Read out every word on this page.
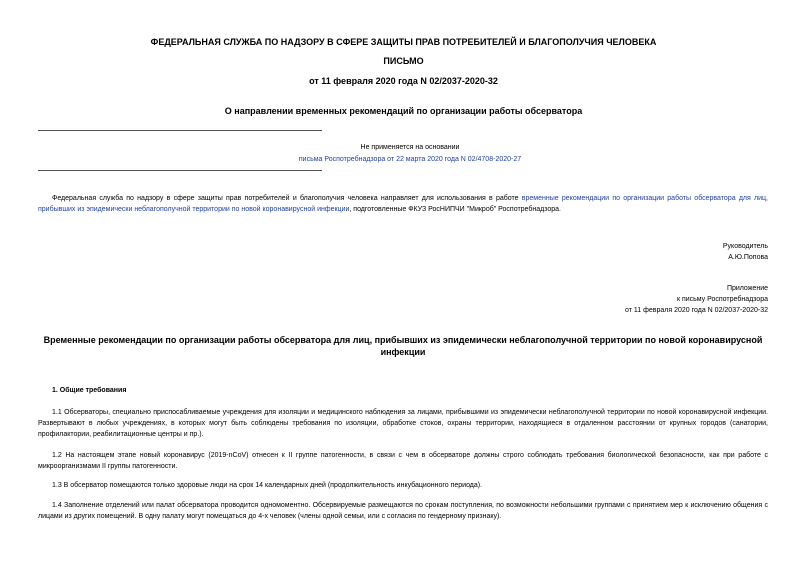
ФЕДЕРАЛЬНАЯ СЛУЖБА ПО НАДЗОРУ В СФЕРЕ ЗАЩИТЫ ПРАВ ПОТРЕБИТЕЛЕЙ И БЛАГОПОЛУЧИЯ ЧЕЛОВЕКА
ПИСЬМО
от 11 февраля 2020 года N 02/2037-2020-32
О направлении временных рекомендаций по организации работы обсерватора
Не применяется на основании
письма Роспотребнадзора от 22 марта 2020 года N 02/4708-2020-27
Федеральная служба по надзору в сфере защиты прав потребителей и благополучия человека направляет для использования в работе временные рекомендации по организации работы обсерватора для лиц, прибывших из эпидемически неблагополучной территории по новой коронавирусной инфекции, подготовленные ФКУЗ РосНИПЧИ "Микроб" Роспотребнадзора.
Руководитель
А.Ю.Попова
Приложение
к письму Роспотребнадзора
от 11 февраля 2020 года N 02/2037-2020-32
Временные рекомендации по организации работы обсерватора для лиц, прибывших из эпидемически неблагополучной территории по новой коронавирусной инфекции
1. Общие требования
1.1 Обсерваторы, специально приспосабливаемые учреждения для изоляции и медицинского наблюдения за лицами, прибывшими из эпидемически неблагополучной территории по новой коронавирусной инфекции. Развертывают в любых учреждениях, в которых могут быть соблюдены требования по изоляции, обработке стоков, охраны территории, находящиеся в отдаленном расстоянии от крупных городов (санатории, профилактории, реабилитационные центры и пр.).
1.2 На настоящем этапе новый коронавирус (2019-nCoV) отнесен к II группе патогенности, в связи с чем в обсерваторе должны строго соблюдать требования биологической безопасности, как при работе с микроорганизмами II группы патогенности.
1.3 В обсерватор помещаются только здоровые люди на срок 14 календарных дней (продолжительность инкубационного периода).
1.4 Заполнение отделений или палат обсерватора проводится одномоментно. Обсервируемые размещаются по срокам поступления, по возможности небольшими группами с принятием мер к исключению общения с лицами из других помещений. В одну палату могут помещаться до 4-х человек (члены одной семьи, или с согласия по гендерному признаку).
